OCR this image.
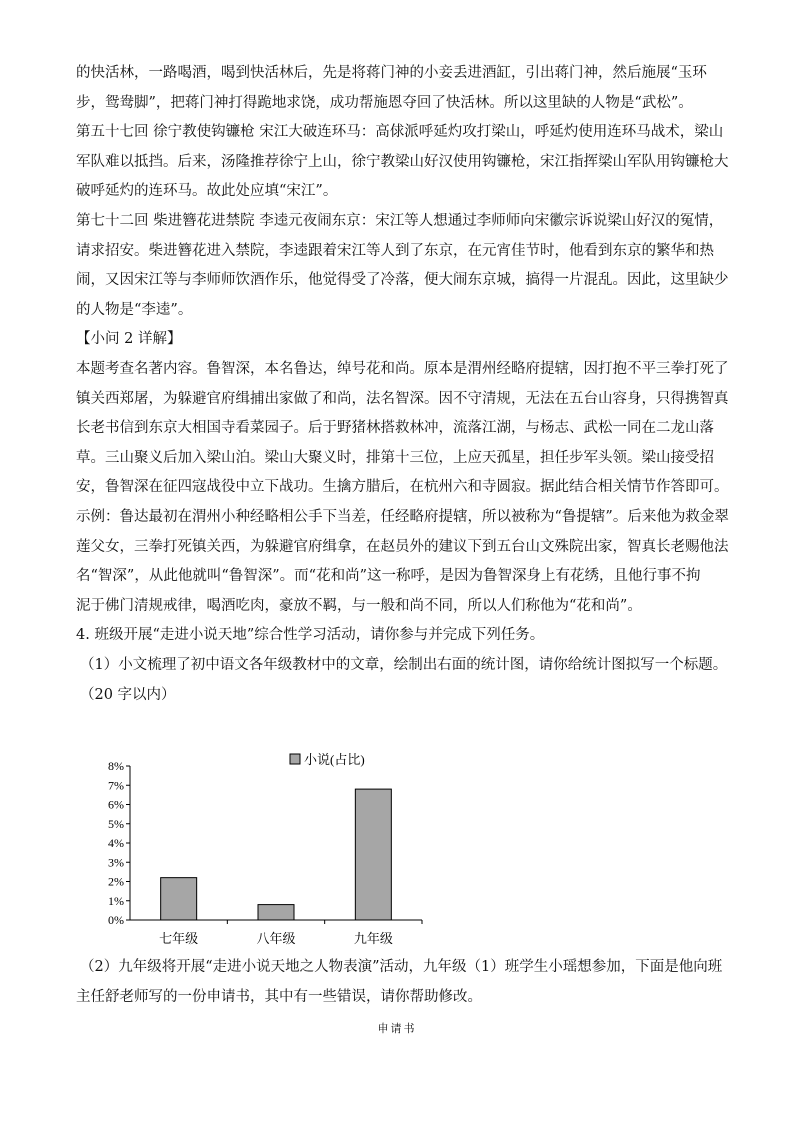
的快活林，一路喝酒，喝到快活林后，先是将蒋门神的小妾丢进酒缸，引出蒋门神，然后施展“玉环
步，鸳鸯脚”，把蒋门神打得跪地求饶，成功帮施恩夺回了快活林。所以这里缺的人物是“武松”。
第五十七回 徐宁教使钩镰枪 宋江大破连环马：高俅派呼延灼攻打梁山，呼延灼使用连环马战术，梁山
军队难以抵挡。后来，汤隆推荐徐宁上山，徐宁教梁山好汉使用钩镰枪，宋江指挥梁山军队用钩镰枪大
破呼延灼的连环马。故此处应填“宋江”。
第七十二回 柴进簪花进禁院 李逵元夜闹东京：宋江等人想通过李师师向宋徽宗诉说梁山好汉的冤情，
请求招安。柴进簪花进入禁院，李逵跟着宋江等人到了东京，在元宵佳节时，他看到东京的繁华和热
闹，又因宋江等与李师师饮酒作乐，他觉得受了冷落，便大闹东京城，搞得一片混乱。因此，这里缺少
的人物是“李逵”。
【小问 2 详解】
本题考查名著内容。鲁智深，本名鲁达，绰号花和尚。原本是渭州经略府提辖，因打抱不平三拳打死了
镇关西郑屠，为躲避官府缉捕出家做了和尚，法名智深。因不守清规，无法在五台山容身，只得携智真
长老书信到东京大相国寺看菜园子。后于野猪林搭救林冲，流落江湖，与杨志、武松一同在二龙山落
草。三山聚义后加入梁山泊。梁山大聚义时，排第十三位，上应天孤星，担任步军头领。梁山接受招
安，鲁智深在征四寇战役中立下战功。生擒方腊后，在杭州六和寺圆寂。据此结合相关情节作答即可。
示例：鲁达最初在渭州小种经略相公手下当差，任经略府提辖，所以被称为“鲁提辖”。后来他为救金翠
莲父女，三拳打死镇关西，为躲避官府缉拿，在赵员外的建议下到五台山文殊院出家，智真长老赐他法
名“智深”，从此他就叫“鲁智深”。而“花和尚”这一称呼，是因为鲁智深身上有花绣，且他行事不拘
泥于佛门清规戒律，喝酒吃肉，豪放不羁，与一般和尚不同，所以人们称他为“花和尚”。
4. 班级开展“走进小说天地”综合性学习活动，请你参与并完成下列任务。
（1）小文梳理了初中语文各年级教材中的文章，绘制出右面的统计图，请你给统计图拟写一个标题。
（20 字以内）
0%
1%
2%
3%
4%
5%
6%
7%
8%
七年级	八年级	九年级
小说(占比)
（2）九年级将开展“走进小说天地之人物表演”活动，九年级（1）班学生小瑶想参加，下面是他向班
主任舒老师写的一份申请书，其中有一些错误，请你帮助修改。
申请书
